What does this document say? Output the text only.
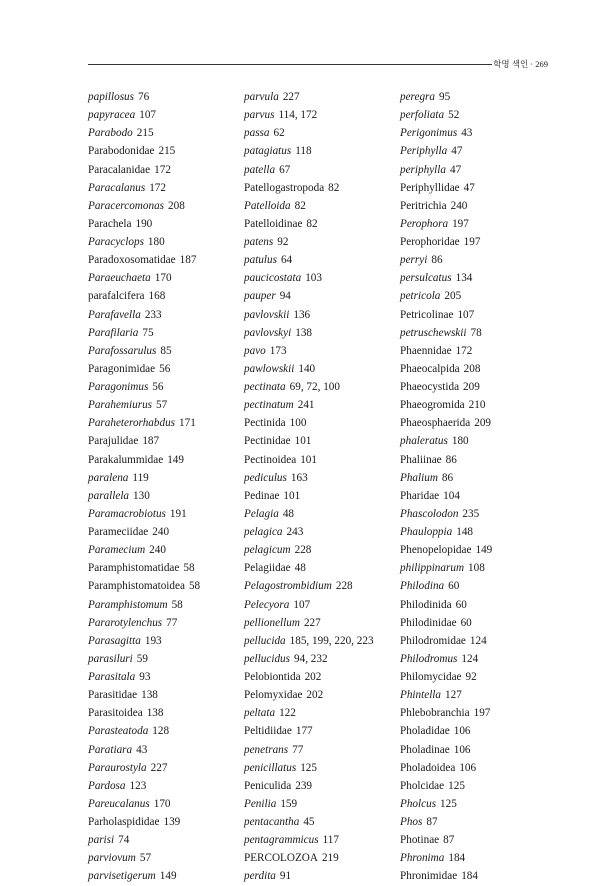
학명 색인 · 269
papillosus 76
papyracea 107
Parabodo 215
Parabodonidae 215
Paracalanidae 172
Paracalanus 172
Paracercomonas 208
Parachela 190
Paracyclops 180
Paradoxosomatidae 187
Paraeuchaeta 170
parafalcifera 168
Parafavella 233
Parafilaria 75
Parafossarulus 85
Paragonimidae 56
Paragonimus 56
Parahemiurus 57
Paraheterorhabdus 171
Parajulidae 187
Parakalummidae 149
paralena 119
parallela 130
Paramacrobiotus 191
Parameciidae 240
Paramecium 240
Paramphistomatidae 58
Paramphistomatoidea 58
Paramphistomum 58
Pararotylenchus 77
Parasagitta 193
parasiluri 59
Parasitala 93
Parasitidae 138
Parasitoidea 138
Parasteatoda 128
Paratiara 43
Paraurostyla 227
Pardosa 123
Pareucalanus 170
Parholaspididae 139
parisi 74
parviovum 57
parvisetigerum 149
parvula 227
parvus 114, 172
passa 62
patagiatus 118
patella 67
Patellogastropoda 82
Patelloida 82
Patelloidinae 82
patens 92
patulus 64
paucicostata 103
pauper 94
pavlovskii 136
pavlovskyi 138
pavo 173
pawlowskii 140
pectinata 69, 72, 100
pectinatum 241
Pectinida 100
Pectinidae 101
Pectinoidea 101
pediculus 163
Pedinae 101
Pelagia 48
pelagica 243
pelagicum 228
Pelagiidae 48
Pelagostrombidium 228
Pelecyora 107
pellionellum 227
pellucida 185, 199, 220, 223
pellucidus 94, 232
Pelobiontida 202
Pelomyxidae 202
peltata 122
Peltidiidae 177
penetrans 77
penicillatus 125
Peniculida 239
Penilia 159
pentacantha 45
pentagrammicus 117
PERCOLOZOA 219
perdita 91
peregra 95
perfoliata 52
Perigonimus 43
Periphylla 47
periphylla 47
Periphyllidae 47
Peritrichia 240
Perophora 197
Perophoridae 197
perryi 86
persulcatus 134
petricola 205
Petricolinae 107
petruschewskii 78
Phaennidae 172
Phaeocalpida 208
Phaeocystida 209
Phaeogromida 210
Phaeosphaerida 209
phaleratus 180
Phaliinae 86
Phalium 86
Pharidae 104
Phascolodon 235
Phauloppia 148
Phenopelopidae 149
philippinarum 108
Philodina 60
Philodinida 60
Philodinidae 60
Philodromidae 124
Philodromus 124
Philomycidae 92
Phintella 127
Phlebobranchia 197
Pholadidae 106
Pholadinae 106
Pholadoidea 106
Pholcidae 125
Pholcus 125
Phos 87
Photinae 87
Phronima 184
Phronimidae 184
